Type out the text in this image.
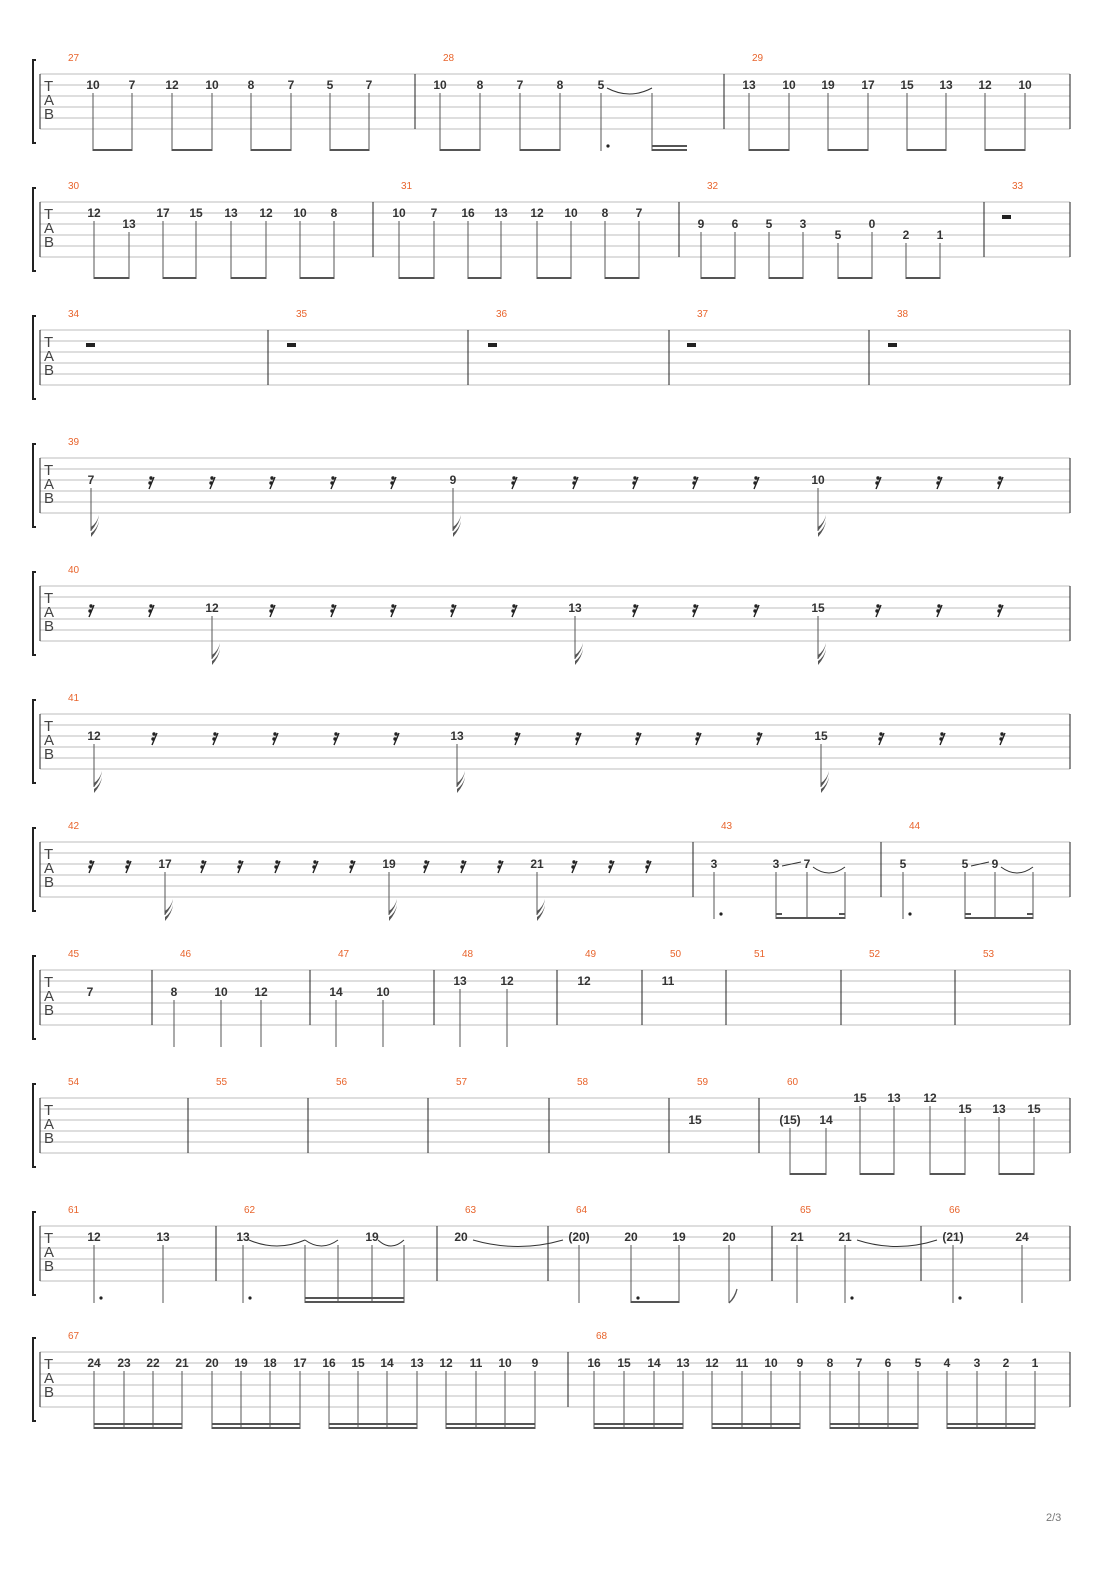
T
A
B
27
10 7 12 10 8	7	5	7
28
10 8	7	8	5
29
13 10 19 17 15 13 12 10
T
A
B
30
12
13
17 15 13 12 10 8
31
10 7 16 13 12 10 8 7
32
9 6 5 3
5
0
2 1
33
T
A
B
34	35	36	37	38
T
A
B
39
7	9	10
T
A
B
40
12	13	15
T
A
B
41
12	13	15
T
A
B
42
17	19	21
43
3	3 7
44
5	5 9
T
A
B
45
7
46
8	10 12
47
14	10
48
13	12
49
12
50
11
51	52	53
T
A
B
54	55	56	57	58	59
15
60
(15) 14
15 13 12
15 13 15
T
A
B
61
12	13
62
13	19
63
20
64
(20)	20	19	20
65
21	21
66
(21)	24
T
A
B
67
24 23 22 21 20 19 18 17 16 15 14 13 12 11 10 9
68
16 15 14 13 12 11 10 9 8 7 6 5 4 3 2 1
2/3
